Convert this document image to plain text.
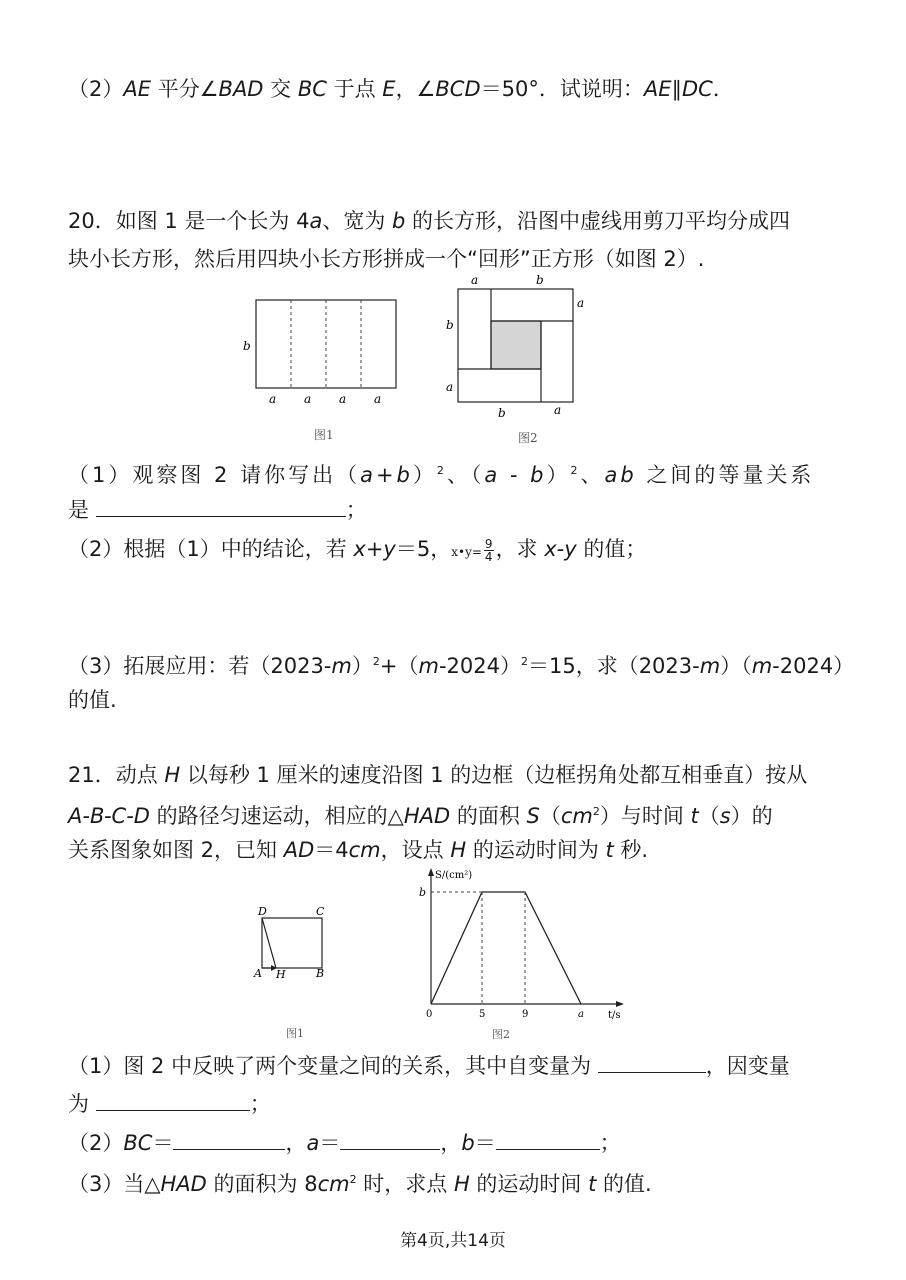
（2）AE 平分∠BAD 交 BC 于点 E，∠BCD＝50°．试说明：AE∥DC．
20．如图 1 是一个长为 4a、宽为 b 的长方形，沿图中虚线用剪刀平均分成四
块小长方形，然后用四块小长方形拼成一个“回形”正方形（如图 2）.
b
a a a a
图1
a	b
a
b
a
b	a
图2
（1）观察图 2 请你写出$(a+b)^2$、（a - b）$^2$、ab 之间的等量关系
是	；
（2）根据（1）中的结论，若 x+y＝5，x•y= $\frac{9}{4}$ ，求 x-y 的值；
（3）拓展应用：若$(2023-m)^2+(m-2024)^2=15$，求（2023-m）（m-2024）
的值.
21．动点 H 以每秒 1 厘米的速度沿图 1 的边框（边框拐角处都互相垂直）按从
A-B-C-D 的路径匀速运动，相应的△HAD 的面积 $S(cm^2)$与时间 t（s）的
关系图象如图 2，已知 AD＝4cm，设点 H 的运动时间为 t 秒.
D	C
A H	B
图1
S/(cm²)
b
0	5	9	a t/s
图2
（1）图 2 中反映了两个变量之间的关系，其中自变量为	，因变量
为	；
（2）BC＝	，a＝	，b＝	；
（3）当△HAD 的面积为 $8cm^2$ 时，求点 H 的运动时间 t 的值.
第4页,共14页
